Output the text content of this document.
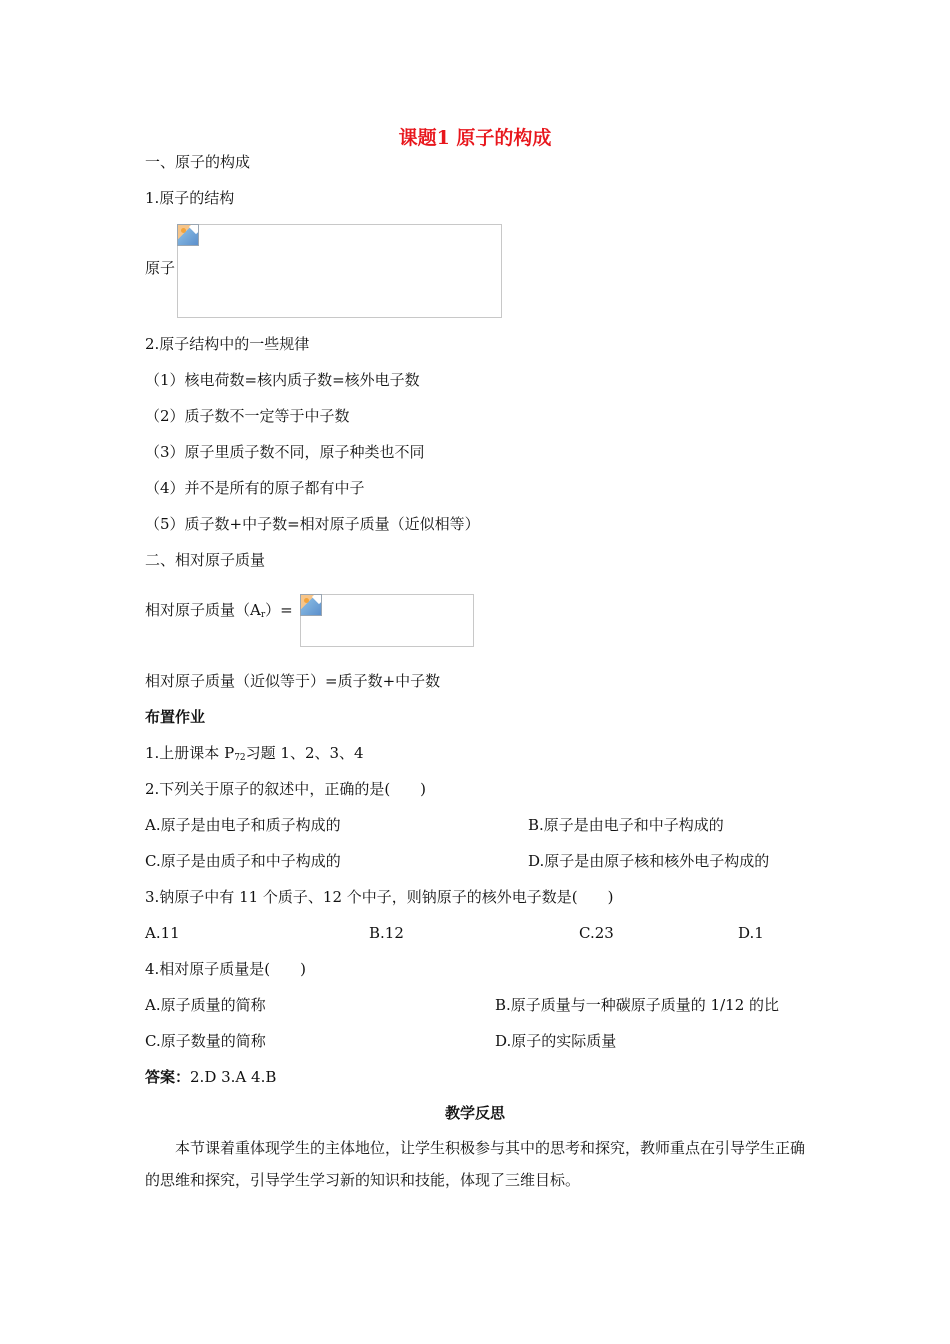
课题1 原子的构成
一、原子的构成
1.原子的结构
原子
2.原子结构中的一些规律
（1）核电荷数=核内质子数=核外电子数
（2）质子数不一定等于中子数
（3）原子里质子数不同，原子种类也不同
（4）并不是所有的原子都有中子
（5）质子数+中子数=相对原子质量（近似相等）
二、相对原子质量
相对原子质量$(A_r)=$
相对原子质量（近似等于）=质子数+中子数
布置作业
1.上册课本 $P_{72}$习题 1、2、3、4
2.下列关于原子的叙述中，正确的是(　　)
A.原子是由电子和质子构成的	B.原子是由电子和中子构成的
C.原子是由质子和中子构成的	D.原子是由原子核和核外电子构成的
3.钠原子中有 11 个质子、12 个中子，则钠原子的核外电子数是(　　)
A.11	B.12	C.23	D.1
4.相对原子质量是(　　)
A.原子质量的简称	B.原子质量与一种碳原子质量的 1/12 的比
C.原子数量的简称	D.原子的实际质量
答案：2.D 3.A 4.B
教学反思
本节课着重体现学生的主体地位，让学生积极参与其中的思考和探究，教师重点在引导学生正确的思维和探究，引导学生学习新的知识和技能，体现了三维目标。
